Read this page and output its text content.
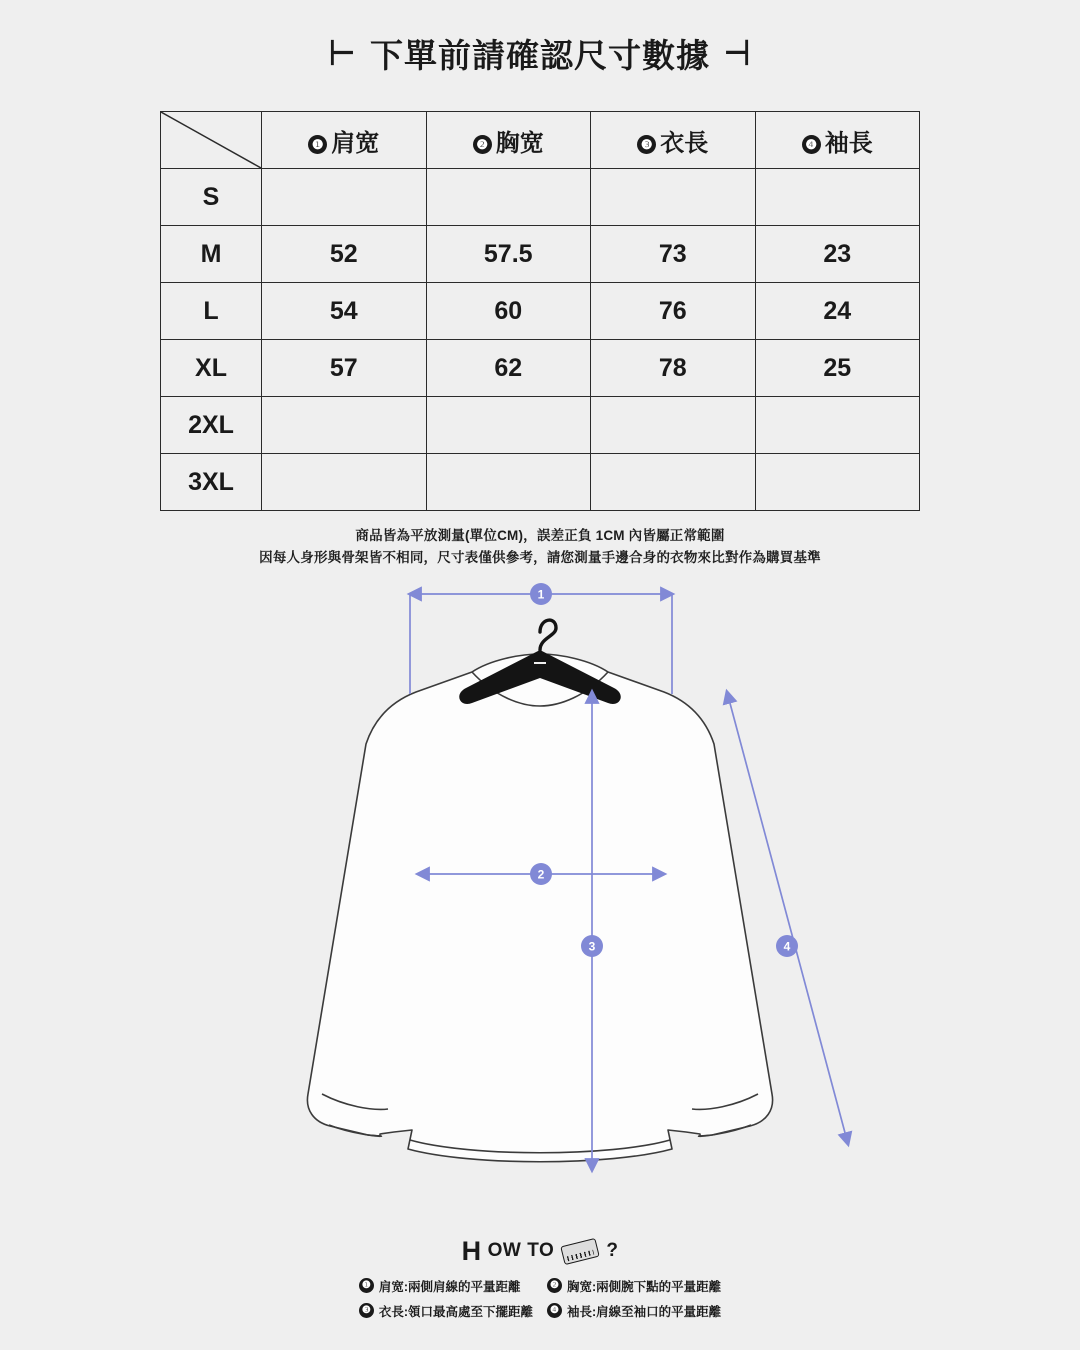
⊢ 下單前請確認尺寸數據 ⊣
	❶ 肩宽	❷ 胸宽	❸ 衣長	❹ 袖長
S				
M	52	57.5	73	23
L	54	60	76	24
XL	57	62	78	25
2XL				
3XL				
商品皆為平放測量(單位CM)，誤差正負 1CM 內皆屬正常範圍
因每人身形與骨架皆不相同，尺寸表僅供參考，請您測量手邊合身的衣物來比對作為購買基準
1
2
3	4
H OW TO	?
❶ 肩宽:兩側肩線的平量距離	❷ 胸宽:兩側腕下點的平量距離
❸ 衣長:領口最高處至下擺距離	❹ 袖長:肩線至袖口的平量距離
